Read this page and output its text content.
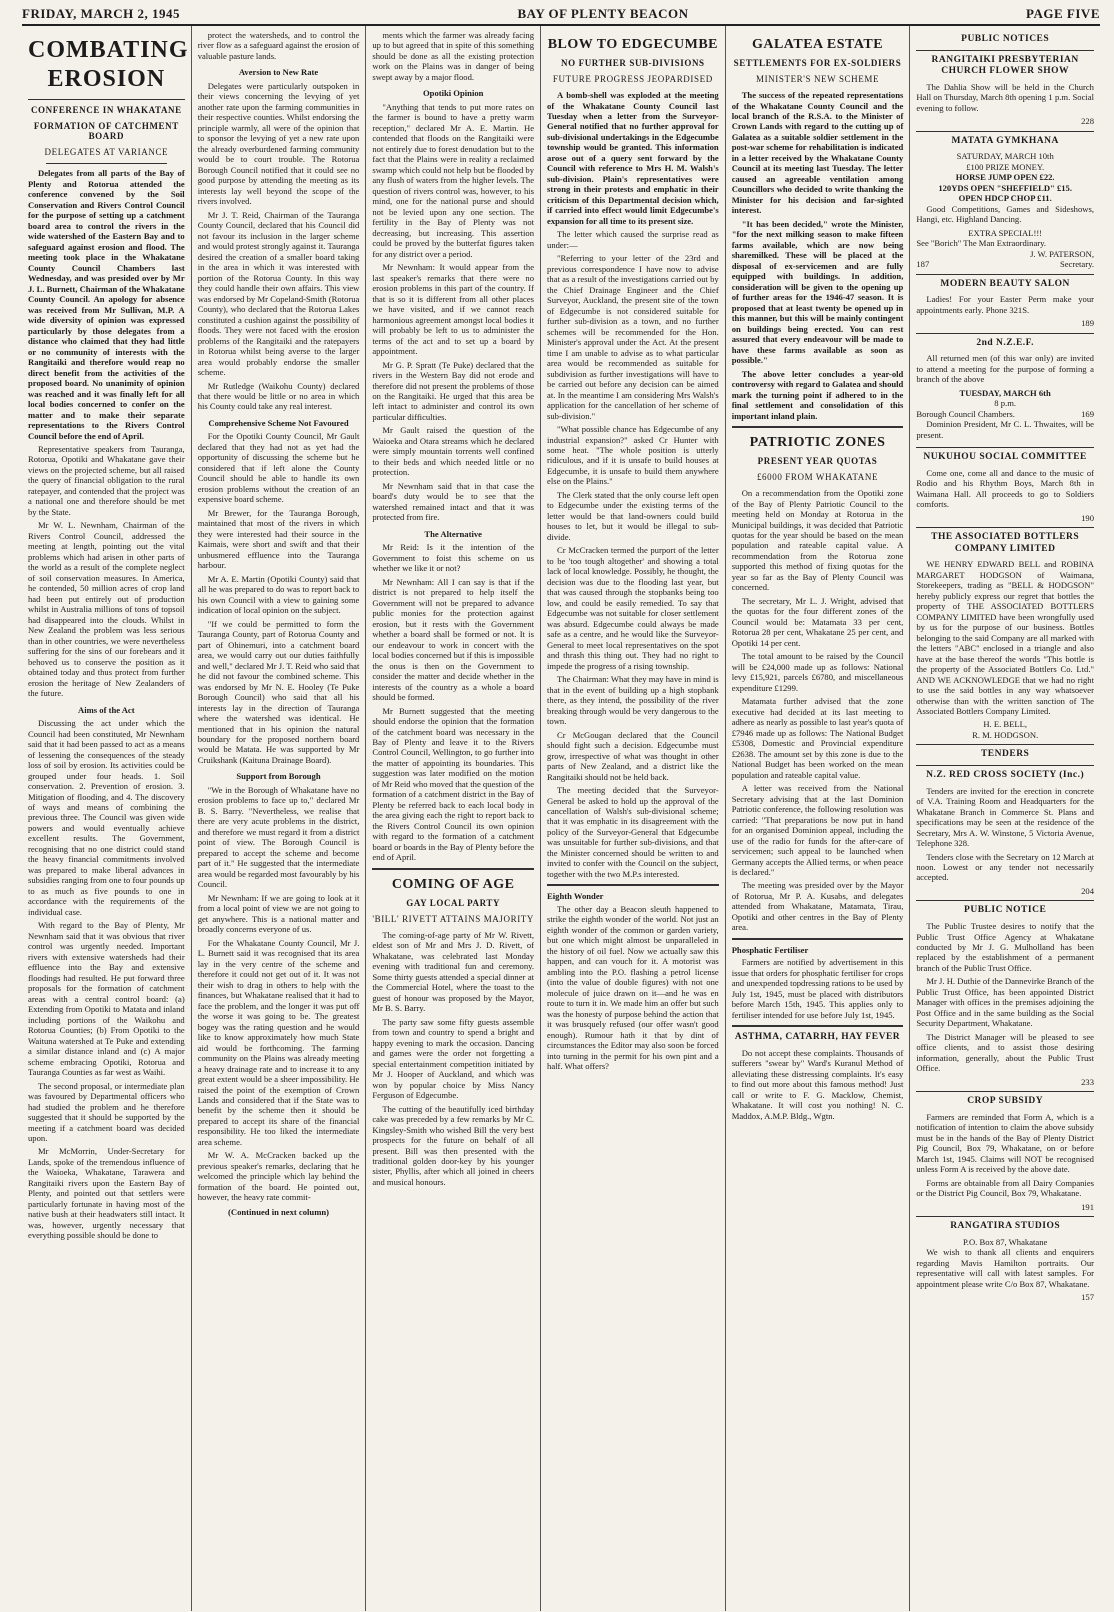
FRIDAY, MARCH 2, 1945	BAY OF PLENTY BEACON	PAGE FIVE
COMBATING EROSION
CONFERENCE IN WHAKATANE
FORMATION OF CATCHMENT BOARD
DELEGATES AT VARIANCE

Delegates from all parts of the Bay of Plenty and Rotorua attended the conference convened by the Soil Conservation and Rivers Control Council for the purpose of setting up a catchment board area to control the rivers in the wide watershed of the Eastern Bay and to safeguard against erosion and flood. The meeting took place in the Whakatane County Council Chambers last Wednesday, and was presided over by Mr J. L. Burnett, Chairman of the Whakatane County Council. An apology for absence was received from Mr Sullivan, M.P. A wide diversity of opinion was expressed particularly by those delegates from a distance who claimed that they had little or no community of interests with the Rangitaiki and therefore would reap no direct benefit from the activities of the proposed board. No unanimity of opinion was reached and it was finally left for all local bodies concerned to confer on the matter and to make their separate representations to the Rivers Control Council before the end of April.

Representative speakers from Tauranga, Rotorua, Opotiki and Whakatane gave their views on the projected scheme, but all raised the query of financial obligation to the rural ratepayer, and contended that the project was a national one and therefore should be met by the State.

Mr W. L. Newnham, Chairman of the Rivers Control Council, addressed the meeting at length, pointing out the vital problems which had arisen in other parts of the world as a result of the complete neglect of soil conservation measures. In America, he contended, 50 million acres of crop land had been put entirely out of production whilst in Australia millions of tons of topsoil had disappeared into the clouds. Whilst in New Zealand the problem was less serious than in other countries, we were nevertheless suffering for the sins of our forebears and it behoved us to conserve the position as it obtained today and thus protect from further erosion the heritage of New Zealanders of the future.

Aims of the Act

Discussing the act under which the Council had been constituted, Mr Newnham said that it had been passed to act as a means of lessening the consequences of the steady loss of soil by erosion. Its activities could be grouped under four heads. 1. Soil conservation. 2. Prevention of erosion. 3. Mitigation of flooding, and 4. The discovery of ways and means of combining the previous three. The Council was given wide powers and would eventually achieve excellent results. The Government, recognising that no one district could stand the heavy financial commitments involved was prepared to make liberal advances in subsidies ranging from one to four pounds up to as much as five pounds to one in accordance with the requirements of the individual case.

With regard to the Bay of Plenty, Mr Newnham said that it was obvious that river control was urgently needed. Important rivers with extensive watersheds had their effluence into the Bay and extensive floodings had resulted. He put forward three proposals for the formation of catchment areas with a central control board: (a) Extending from Opotiki to Matata and inland including portions of the Waikohu and Rotorua Counties; (b) From Opotiki to the Waituna watershed at Te Puke and extending a similar distance inland and (c) A major scheme embracing Opotiki, Rotorua and Tauranga Counties as far west as Waihi.

The second proposal, or intermediate plan was favoured by Departmental officers who had studied the problem and he therefore suggested that it should be supported by the meeting if a catchment board was decided upon.

Mr McMorrin, Under-Secretary for Lands, spoke of the tremendous influence of the Waioeka, Whakatane, Tarawera and Rangitaiki rivers upon the Eastern Bay of Plenty, and pointed out that settlers were particularly fortunate in having most of the native bush at their headwaters still intact. It was, however, urgently necessary that everything possible should be done to

protect the watersheds, and to control the river flow as a safeguard against the erosion of valuable pasture lands.

Aversion to New Rate

Delegates were particularly outspoken in their views concerning the levying of yet another rate upon the farming communities in their respective counties. Whilst endorsing the principle warmly, all were of the opinion that to sponsor the levying of yet a new rate upon the already overburdened farming community would be to court trouble. The Rotorua Borough Council notified that it could see no good purpose by attending the meeting as its interests lay well beyond the scope of the rivers involved.

Mr J. T. Reid, Chairman of the Tauranga County Council, declared that his Council did not favour its inclusion in the larger scheme and would protest strongly against it. Tauranga desired the creation of a smaller board taking in the area in which it was interested with portion of the Rotorua County. In this way they could handle their own affairs. This view was endorsed by Mr Copeland-Smith (Rotorua County), who declared that the Rotorua Lakes constituted a cushion against the possibility of floods. They were not faced with the erosion problems of the Rangitaiki and the ratepayers in Rotorua whilst being averse to the larger area would probably endorse the smaller scheme.

Mr Rutledge (Waikohu County) declared that there would be little or no area in which his County could take any real interest.

Comprehensive Scheme Not Favoured

For the Opotiki County Council, Mr Gault declared that they had not as yet had the opportunity of discussing the scheme but he considered that if left alone the County Council should be able to handle its own erosion problems without the creation of an expensive board scheme.

Mr Brewer, for the Tauranga Borough, maintained that most of the rivers in which they were interested had their source in the Kaimais, were short and swift and that their unbusmered effluence into the Tauranga harbour.

Mr A. E. Martin (Opotiki County) said that all he was prepared to do was to report back to his own Council with a view to gaining some indication of local opinion on the subject.

"If we could be permitted to form the Tauranga County, part of Rotorua County and part of Ohinemuri, into a catchment board area, we would carry out our duties faithfully and well," declared Mr J. T. Reid who said that he did not favour the combined scheme. This was endorsed by Mr N. E. Hooley (Te Puke Borough Council) who said that all his interests lay in the direction of Tauranga where the watershed was identical. He mentioned that in his opinion the natural boundary for the proposed northern board would be Matata. He was supported by Mr Cruikshank (Kaituna Drainage Board).

Support from Borough

"We in the Borough of Whakatane have no erosion problems to face up to," declared Mr B. S. Barry. "Nevertheless, we realise that there are very acute problems in the district, and therefore we must regard it from a district point of view. The Borough Council is prepared to accept the scheme and become part of it." He suggested that the intermediate area would be regarded most favourably by his Council.

Mr Newnham: If we are going to look at it from a local point of view we are not going to get anywhere. This is a national matter and broadly concerns everyone of us.

For the Whakatane County Council, Mr J. L. Burnett said it was recognised that its area lay in the very centre of the scheme and therefore it could not get out of it. It was not their wish to drag in others to help with the finances, but Whakatane realised that it had to face the problem, and the longer it was put off the worse it was going to be. The greatest bogey was the rating question and he would like to know approximately how much State aid would be forthcoming. The farming community on the Plains was already meeting a heavy drainage rate and to increase it to any great extent would be a sheer impossibility. He raised the point of the exemption of Crown Lands and considered that if the State was to benefit by the scheme then it should be prepared to accept its share of the financial responsibility. He too liked the intermediate area scheme.

Mr W. A. McCracken backed up the previous speaker's remarks, declaring that he welcomed the principle which lay behind the formation of the board. He pointed out, however, the heavy rate commit-

(Continued in next column)

ments which the farmer was already facing up to but agreed that in spite of this something should be done as all the existing protection work on the Plains was in danger of being swept away by a major flood.

Opotiki Opinion

"Anything that tends to put more rates on the farmer is bound to have a pretty warm reception," declared Mr A. E. Martin. He contended that floods on the Rangitaiki were not entirely due to forest denudation but to the fact that the Plains were in reality a reclaimed swamp which could not help but be flooded by any flush of waters from the higher levels. The question of rivers control was, however, to his mind, one for the national purse and should not be levied upon any one section. The fertility in the Bay of Plenty was not decreasing, but increasing. This assertion could be proved by the butterfat figures taken for any district over a period.

Mr Newnham: It would appear from the last speaker's remarks that there were no erosion problems in this part of the country. If that is so it is different from all other places we have visited, and if we cannot reach harmonious agreement amongst local bodies it will probably be left to us to administer the terms of the act and to set up a board by appointment.

Mr G. P. Spratt (Te Puke) declared that the rivers in the Western Bay did not erode and therefore did not present the problems of those on the Rangitaiki. He urged that this area be left intact to administer and control its own particular difficulties.

Mr Gault raised the question of the Waioeka and Otara streams which he declared were simply mountain torrents well confined to their beds and which needed little or no protection.

Mr Newnham said that in that case the board's duty would be to see that the watershed remained intact and that it was protected from fire.

The Alternative

Mr Reid: Is it the intention of the Government to foist this scheme on us whether we like it or not?

Mr Newnham: All I can say is that if the district is not prepared to help itself the Government will not be prepared to advance public monies for the protection against erosion, but it rests with the Government whether a board shall be formed or not. It is our endeavour to work in concert with the local bodies concerned but if this is impossible the onus is then on the Government to consider the matter and decide whether in the interests of the country as a whole a board should be formed.

Mr Burnett suggested that the meeting should endorse the opinion that the formation of the catchment board was necessary in the Bay of Plenty and leave it to the Rivers Control Council, Wellington, to go further into the matter of appointing its boundaries. This suggestion was later modified on the motion of Mr Reid who moved that the question of the formation of a catchment district in the Bay of Plenty be referred back to each local body in the area giving each the right to report back to the Rivers Control Council its own opinion with regard to the formation of a catchment board or boards in the Bay of Plenty before the end of April.

COMING OF AGE
GAY LOCAL PARTY
'BILL' RIVETT ATTAINS MAJORITY

The coming-of-age party of Mr W. Rivett, eldest son of Mr and Mrs J. D. Rivett, of Whakatane, was celebrated last Monday evening with traditional fun and ceremony. Some thirty guests attended a special dinner at the Commercial Hotel, where the toast to the guest of honour was proposed by the Mayor, Mr B. S. Barry.

The party saw some fifty guests assemble from town and country to spend a bright and happy evening to mark the occasion. Dancing and games were the order not forgetting a special entertainment competition initiated by Mr J. Hooper of Auckland, and which was won by popular choice by Miss Nancy Ferguson of Edgecumbe.

The cutting of the beautifully iced birthday cake was preceded by a few remarks by Mr C. Kingsley-Smith who wished Bill the very best prospects for the future on behalf of all present. Bill was then presented with the traditional golden door-key by his younger sister, Phyllis, after which all joined in cheers and musical honours.

BLOW TO EDGECUMBE
NO FURTHER SUB-DIVISIONS
FUTURE PROGRESS JEOPARDISED

A bomb-shell was exploded at the meeting of the Whakatane County Council last Tuesday when a letter from the Surveyor-General notified that no further approval for sub-divisional undertakings in the Edgecumbe township would be granted. This information arose out of a query sent forward by the Council with reference to Mrs H. M. Walsh's sub-division. Plain's representatives were strong in their protests and emphatic in their criticism of this Departmental decision which, if carried into effect would limit Edgecumbe's expansion for all time to its present size.

The letter which caused the surprise read as under:—

"Referring to your letter of the 23rd and previous correspondence I have now to advise that as a result of the investigations carried out by the Chief Drainage Engineer and the Chief Surveyor, Auckland, the present site of the town of Edgecumbe is not considered suitable for further sub-division as a town, and no further schemes will be recommended for the Hon. Minister's approval under the Act. At the present time I am unable to advise as to what particular area would be recommended as suitable for subdivision as further investigations will have to be carried out before any decision can be aimed at. In the meantime I am considering Mrs Walsh's application for the cancellation of her scheme of sub-division."

"What possible chance has Edgecumbe of any industrial expansion?" asked Cr Hunter with some heat. "The whole position is utterly ridiculous, and if it is unsafe to build houses at Edgecumbe, it is unsafe to build them anywhere else on the Plains."

The Clerk stated that the only course left open to Edgecumbe under the existing terms of the letter would be that land-owners could build houses to let, but it would be illegal to sub-divide.

Cr McCracken termed the purport of the letter to be 'too tough altogether' and showing a total lack of local knowledge. Possibly, he thought, the decision was due to the flooding last year, but that was caused through the stopbanks being too low, and could be easily remedied. To say that Edgecumbe was not suitable for closer settlement was absurd. Edgecumbe could always be made safe as a centre, and he would like the Surveyor-General to meet local representatives on the spot and thrash this thing out. They had no right to impede the progress of a rising township.

The Chairman: What they may have in mind is that in the event of building up a high stopbank there, as they intend, the possibility of the river breaking through would be very dangerous to the town.

Cr McGougan declared that the Council should fight such a decision. Edgecumbe must grow, irrespective of what was thought in other parts of New Zealand, and a district like the Rangitaiki should not be held back.

The meeting decided that the Surveyor-General be asked to hold up the approval of the cancellation of Walsh's sub-divisional scheme; that it was emphatic in its disagreement with the policy of the Surveyor-General that Edgecumbe was unsuitable for further sub-divisions, and that the Minister concerned should be written to and invited to confer with the Council on the subject, together with the two M.P.s interested.

Eighth Wonder

The other day a Beacon sleuth happened to strike the eighth wonder of the world. Not just an eighth wonder of the common or garden variety, but one which might almost be unparalleled in the history of oil fuel. Now we actually saw this happen, and can vouch for it. A motorist was ambling into the P.O. flashing a petrol license (into the value of double figures) with not one molecule of juice drawn on it—and he was en route to turn it in. We made him an offer but such was the honesty of purpose behind the action that it was brusquely refused (our offer wasn't good enough). Rumour hath it that by dint of circumstances the Editor may also soon be forced into turning in the permit for his own pint and a half. What offers?

GALATEA ESTATE
SETTLEMENTS FOR EX-SOLDIERS
MINISTER'S NEW SCHEME

The success of the repeated representations of the Whakatane County Council and the local branch of the R.S.A. to the Minister of Crown Lands with regard to the cutting up of Galatea as a suitable soldier settlement in the post-war scheme for rehabilitation is indicated in a letter received by the Whakatane County Council at its meeting last Tuesday. The letter caused an agreeable ventilation among Councillors who decided to write thanking the Minister for his decision and far-sighted interest.

"It has been decided," wrote the Minister, "for the next milking season to make fifteen farms available, which are now being sharemilked. These will be placed at the disposal of ex-servicemen and are fully equipped with buildings. In addition, consideration will be given to the opening up of further areas for the 1946-47 season. It is proposed that at least twenty be opened up in this manner, but this will be mainly contingent on buildings being erected. You can rest assured that every endeavour will be made to have these farms available as soon as possible."

The above letter concludes a year-old controversy with regard to Galatea and should mark the turning point if adhered to in the final settlement and consolidation of this important inland plain.

PATRIOTIC ZONES
PRESENT YEAR QUOTAS
£6000 FROM WHAKATANE

On a recommendation from the Opotiki zone of the Bay of Plenty Patriotic Council to the meeting held on Monday at Rotorua in the Municipal buildings, it was decided that Patriotic quotas for the year should be based on the mean population and rateable capital value. A recommendation from the Rotorua zone supported this method of fixing quotas for the year so far as the Bay of Plenty Council was concerned.

The secretary, Mr L. J. Wright, advised that the quotas for the four different zones of the Council would be: Matamata 33 per cent, Rotorua 28 per cent, Whakatane 25 per cent, and Opotiki 14 per cent.

The total amount to be raised by the Council will be £24,000 made up as follows: National levy £15,921, parcels £6780, and miscellaneous expenditure £1299.

Matamata further advised that the zone executive had decided at its last meeting to adhere as nearly as possible to last year's quota of £7946 made up as follows: The National Budget £5308, Domestic and Provincial expenditure £2638. The amount set by this zone is due to the National Budget has been worked on the mean population and rateable capital value.

A letter was received from the National Secretary advising that at the last Dominion Patriotic conference, the following resolution was carried: "That preparations be now put in hand for an organised Dominion appeal, including the use of the radio for funds for the after-care of servicemen; such appeal to be launched when Germany accepts the Allied terms, or when peace is declared."

The meeting was presided over by the Mayor of Rotorua, Mr P. A. Kusabs, and delegates attended from Whakatane, Matamata, Tirau, Opotiki and other centres in the Bay of Plenty area.

Phosphatic Fertiliser

Farmers are notified by advertisement in this issue that orders for phosphatic fertiliser for crops and unexpended topdressing rations to be used by July 1st, 1945, must be placed with distributors before March 15th, 1945. This applies only to fertiliser intended for use before July 1st, 1945.

ASTHMA, CATARRH, HAY FEVER

Do not accept these complaints. Thousands of sufferers "swear by" Ward's Kuranul Method of alleviating these distressing complaints. It's easy to find out more about this famous method! Just call or write to F. G. Macklow, Chemist, Whakatane. It will cost you nothing! N. C. Maddox, A.M.P. Bldg., Wgtn.

PUBLIC NOTICES
RANGITAIKI PRESBYTERIAN CHURCH FLOWER SHOW

The Dahlia Show will be held in the Church Hall on Thursday, March 8th opening 1 p.m. Social evening to follow.

228
MATATA GYMKHANA
SATURDAY, MARCH 10th
£100 PRIZE MONEY.
HORSE JUMP OPEN £22.
120YDS OPEN "SHEFFIELD" £15.
OPEN HDCP CHOP £11.

Good Competitions, Games and Sideshows, Hangi, etc. Highland Dancing.

EXTRA SPECIAL!!!
See "Borich" The Man Extraordinary.
J. W. PATERSON,
187	Secretary.
MODERN BEAUTY SALON

Ladies! For your Easter Perm make your appointments early. Phone 321S.

189
2nd N.Z.E.F.

All returned men (of this war only) are invited to attend a meeting for the purpose of forming a branch of the above

TUESDAY, MARCH 6th
8 p.m.
Borough Council Chambers.	169

Dominion President, Mr C. L. Thwaites, will be present.

NUKUHOU SOCIAL COMMITTEE

Come one, come all and dance to the music of Rodio and his Rhythm Boys, March 8th in Waimana Hall. All proceeds to go to Soldiers comforts.

190
THE ASSOCIATED BOTTLERS COMPANY LIMITED

WE HENRY EDWARD BELL and ROBINA MARGARET HODGSON of Waimana, Storekeepers, trading as "BELL & HODGSON" hereby publicly express our regret that bottles the property of THE ASSOCIATED BOTTLERS COMPANY LIMITED have been wrongfully used by us for the purpose of our business. Bottles belonging to the said Company are all marked with the letters "ABC" enclosed in a triangle and also have at the base thereof the words "This bottle is the property of the Associated Bottlers Co. Ltd." AND WE ACKNOWLEDGE that we had no right to use the said bottles in any way whatsoever otherwise than with the written sanction of The Associated Bottlers Company Limited.

H. E. BELL,
R. M. HODGSON.
TENDERS
N.Z. RED CROSS SOCIETY (Inc.)

Tenders are invited for the erection in concrete of V.A. Training Room and Headquarters for the Whakatane Branch in Commerce St. Plans and specifications may be seen at the residence of the Secretary, Mrs A. W. Winstone, 5 Victoria Avenue, Telephone 328.

Tenders close with the Secretary on 12 March at noon. Lowest or any tender not necessarily accepted.

204
PUBLIC NOTICE

The Public Trustee desires to notify that the Public Trust Office Agency at Whakatane conducted by Mr J. G. Mulholland has been replaced by the establishment of a permanent branch of the Public Trust Office.

Mr J. H. Duthie of the Dannevirke Branch of the Public Trust Office, has been appointed District Manager with offices in the premises adjoining the Post Office and in the same building as the Social Security Department, Whakatane.

The District Manager will be pleased to see office clients, and to assist those desiring information, generally, about the Public Trust Office.

233
CROP SUBSIDY

Farmers are reminded that Form A, which is a notification of intention to claim the above subsidy must be in the hands of the Bay of Plenty District Pig Council, Box 79, Whakatane, on or before March 1st, 1945. Claims will NOT be recognised unless Form A is received by the above date.

Forms are obtainable from all Dairy Companies or the District Pig Council, Box 79, Whakatane.

191
RANGATIRA STUDIOS
P.O. Box 87, Whakatane

We wish to thank all clients and enquirers regarding Mavis Hamilton portraits. Our representative will call with latest samples. For appointment please write C/o Box 87, Whakatane.

157
